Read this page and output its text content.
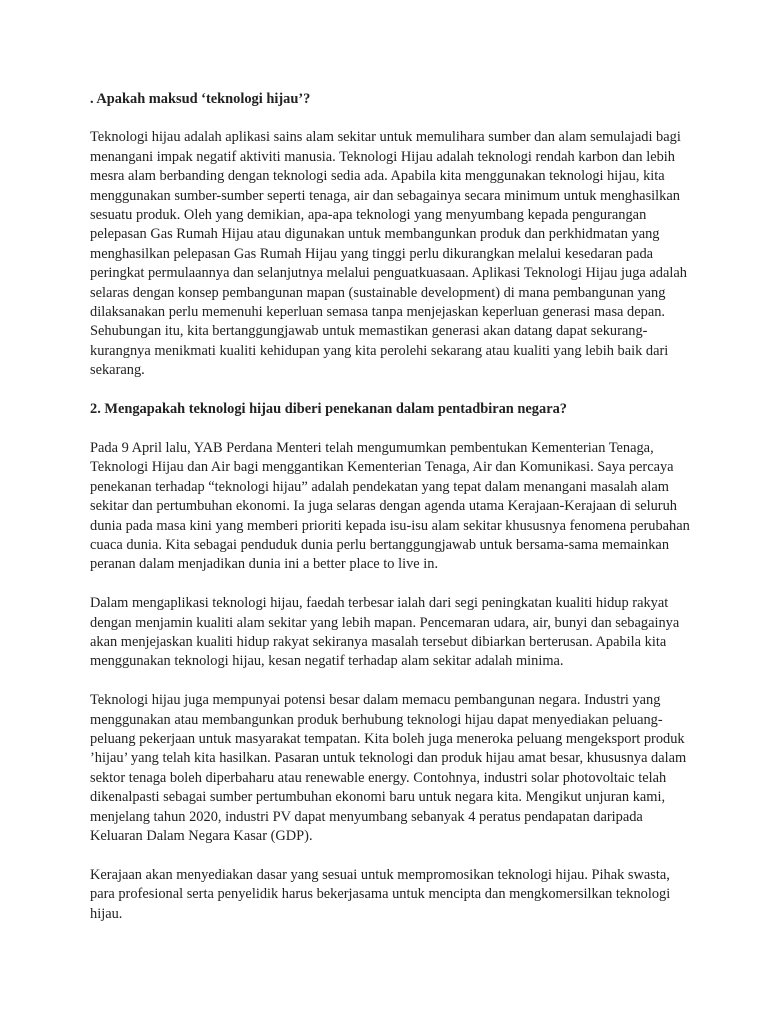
. Apakah maksud ‘teknologi hijau’?

Teknologi hijau adalah aplikasi sains alam sekitar untuk memulihara sumber dan alam semulajadi bagi menangani impak negatif aktiviti manusia. Teknologi Hijau adalah teknologi rendah karbon dan lebih mesra alam berbanding dengan teknologi sedia ada. Apabila kita menggunakan teknologi hijau, kita menggunakan sumber-sumber seperti tenaga, air dan sebagainya secara minimum untuk menghasilkan sesuatu produk. Oleh yang demikian, apa-apa teknologi yang menyumbang kepada pengurangan pelepasan Gas Rumah Hijau atau digunakan untuk membangunkan produk dan perkhidmatan yang menghasilkan pelepasan Gas Rumah Hijau yang tinggi perlu dikurangkan melalui kesedaran pada peringkat permulaannya dan selanjutnya melalui penguatkuasaan. Aplikasi Teknologi Hijau juga adalah selaras dengan konsep pembangunan mapan (sustainable development) di mana pembangunan yang dilaksanakan perlu memenuhi keperluan semasa tanpa menjejaskan keperluan generasi masa depan. Sehubungan itu, kita bertanggungjawab untuk memastikan generasi akan datang dapat sekurang-kurangnya menikmati kualiti kehidupan yang kita perolehi sekarang atau kualiti yang lebih baik dari sekarang.

2. Mengapakah teknologi hijau diberi penekanan dalam pentadbiran negara?

Pada 9 April lalu, YAB Perdana Menteri telah mengumumkan pembentukan Kementerian Tenaga, Teknologi Hijau dan Air bagi menggantikan Kementerian Tenaga, Air dan Komunikasi. Saya percaya penekanan terhadap “teknologi hijau” adalah pendekatan yang tepat dalam menangani masalah alam sekitar dan pertumbuhan ekonomi. Ia juga selaras dengan agenda utama Kerajaan-Kerajaan di seluruh dunia pada masa kini yang memberi prioriti kepada isu-isu alam sekitar khususnya fenomena perubahan cuaca dunia. Kita sebagai penduduk dunia perlu bertanggungjawab untuk bersama-sama memainkan peranan dalam menjadikan dunia ini a better place to live in.

Dalam mengaplikasi teknologi hijau, faedah terbesar ialah dari segi peningkatan kualiti hidup rakyat dengan menjamin kualiti alam sekitar yang lebih mapan. Pencemaran udara, air, bunyi dan sebagainya akan menjejaskan kualiti hidup rakyat sekiranya masalah tersebut dibiarkan berterusan. Apabila kita menggunakan teknologi hijau, kesan negatif terhadap alam sekitar adalah minima.

Teknologi hijau juga mempunyai potensi besar dalam memacu pembangunan negara. Industri yang menggunakan atau membangunkan produk berhubung teknologi hijau dapat menyediakan peluang-peluang pekerjaan untuk masyarakat tempatan. Kita boleh juga meneroka peluang mengeksport produk ’hijau’ yang telah kita hasilkan. Pasaran untuk teknologi dan produk hijau amat besar, khususnya dalam sektor tenaga boleh diperbaharu atau renewable energy. Contohnya, industri solar photovoltaic telah dikenalpasti sebagai sumber pertumbuhan ekonomi baru untuk negara kita. Mengikut unjuran kami, menjelang tahun 2020, industri PV dapat menyumbang sebanyak 4 peratus pendapatan daripada Keluaran Dalam Negara Kasar (GDP).

Kerajaan akan menyediakan dasar yang sesuai untuk mempromosikan teknologi hijau. Pihak swasta, para profesional serta penyelidik harus bekerjasama untuk mencipta dan mengkomersilkan teknologi hijau.
